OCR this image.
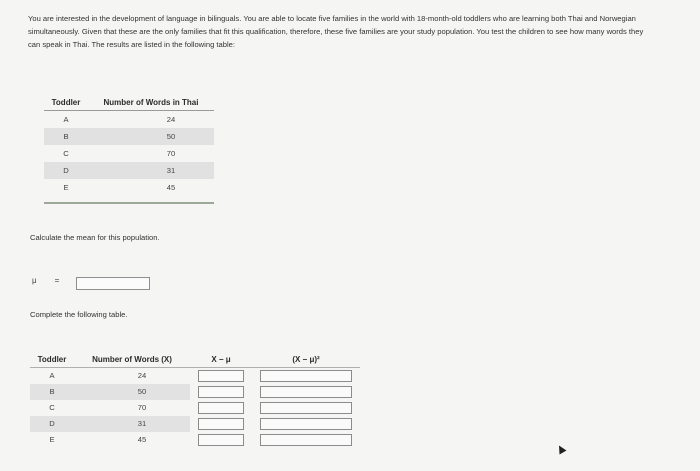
You are interested in the development of language in bilinguals. You are able to locate five families in the world with 18-month-old toddlers who are learning both Thai and Norwegian simultaneously. Given that these are the only families that fit this qualification, therefore, these five families are your study population. You test the children to see how many words they can speak in Thai. The results are listed in the following table:
Toddler	Number of Words in Thai
A	24
B	50
C	70
D	31
E	45
Calculate the mean for this population.
μ =
Complete the following table.
Toddler	Number of Words (X)	X − μ	(X − μ)²
A	24
B	50
C	70
D	31
E	45
